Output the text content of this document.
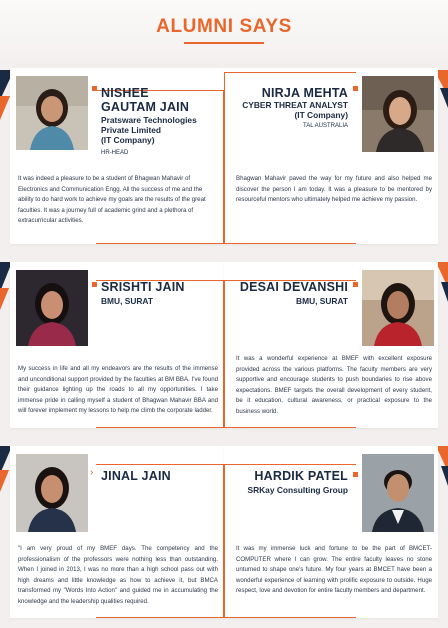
ALUMNI SAYS
NISHEE
GAUTAM JAIN
Pratsware Technologies
Private Limited
(IT Company)
HR-HEAD
It was indeed a pleasure to be a student of Bhagwan Mahavir of Electronics and Communication Engg. All the success of me and the ability to do hard work to achieve my goals are the results of the great faculties. It was a journey full of academic grind and a plethora of extracurricular activities.
NIRJA MEHTA
CYBER THREAT ANALYST
(IT Company)
TAL AUSTRALIA
Bhagwan Mahavir paved the way for my future and also helped me discover the person I am today. It was a pleasure to be mentored by resourceful mentors who ultimately helped me achieve my passion.
SRISHTI JAIN
BMU, SURAT
My success in life and all my endeavors are the results of the immense and unconditional support provided by the faculties at BM BBA. I've found their guidance lighting up the roads to all my opportunities. I take immense pride in calling myself a student of Bhagwan Mahavir BBA and will forever implement my lessons to help me climb the corporate ladder.
DESAI DEVANSHI
BMU, SURAT
It was a wonderful experience at BMEF with excellent exposure provided across the various platforms. The faculty members are very supportive and encourage students to push boundaries to rise above expectations. BMEF targets the overall development of every student, be it education, cultural awareness, or practical exposure to the business world.
› JINAL JAIN
"I am very proud of my BMEF days. The competency and the professionalism of the professors were nothing less than outstanding. When I joined in 2013, I was no more than a high school pass out with high dreams and little knowledge as how to achieve it, but BMCA transformed my "Words Into Action" and guided me in accumulating the knowledge and the leadership qualities required.
HARDIK PATEL
SRKay Consulting Group
It was my immense luck and fortune to be the part of BMCET-COMPUTER where I can grow. The entire faculty leaves no stone unturned to shape one's future. My four years at BMCET have been a wonderful experience of learning with prolific exposure to outside. Huge respect, love and devotion for entire faculty members and department.
